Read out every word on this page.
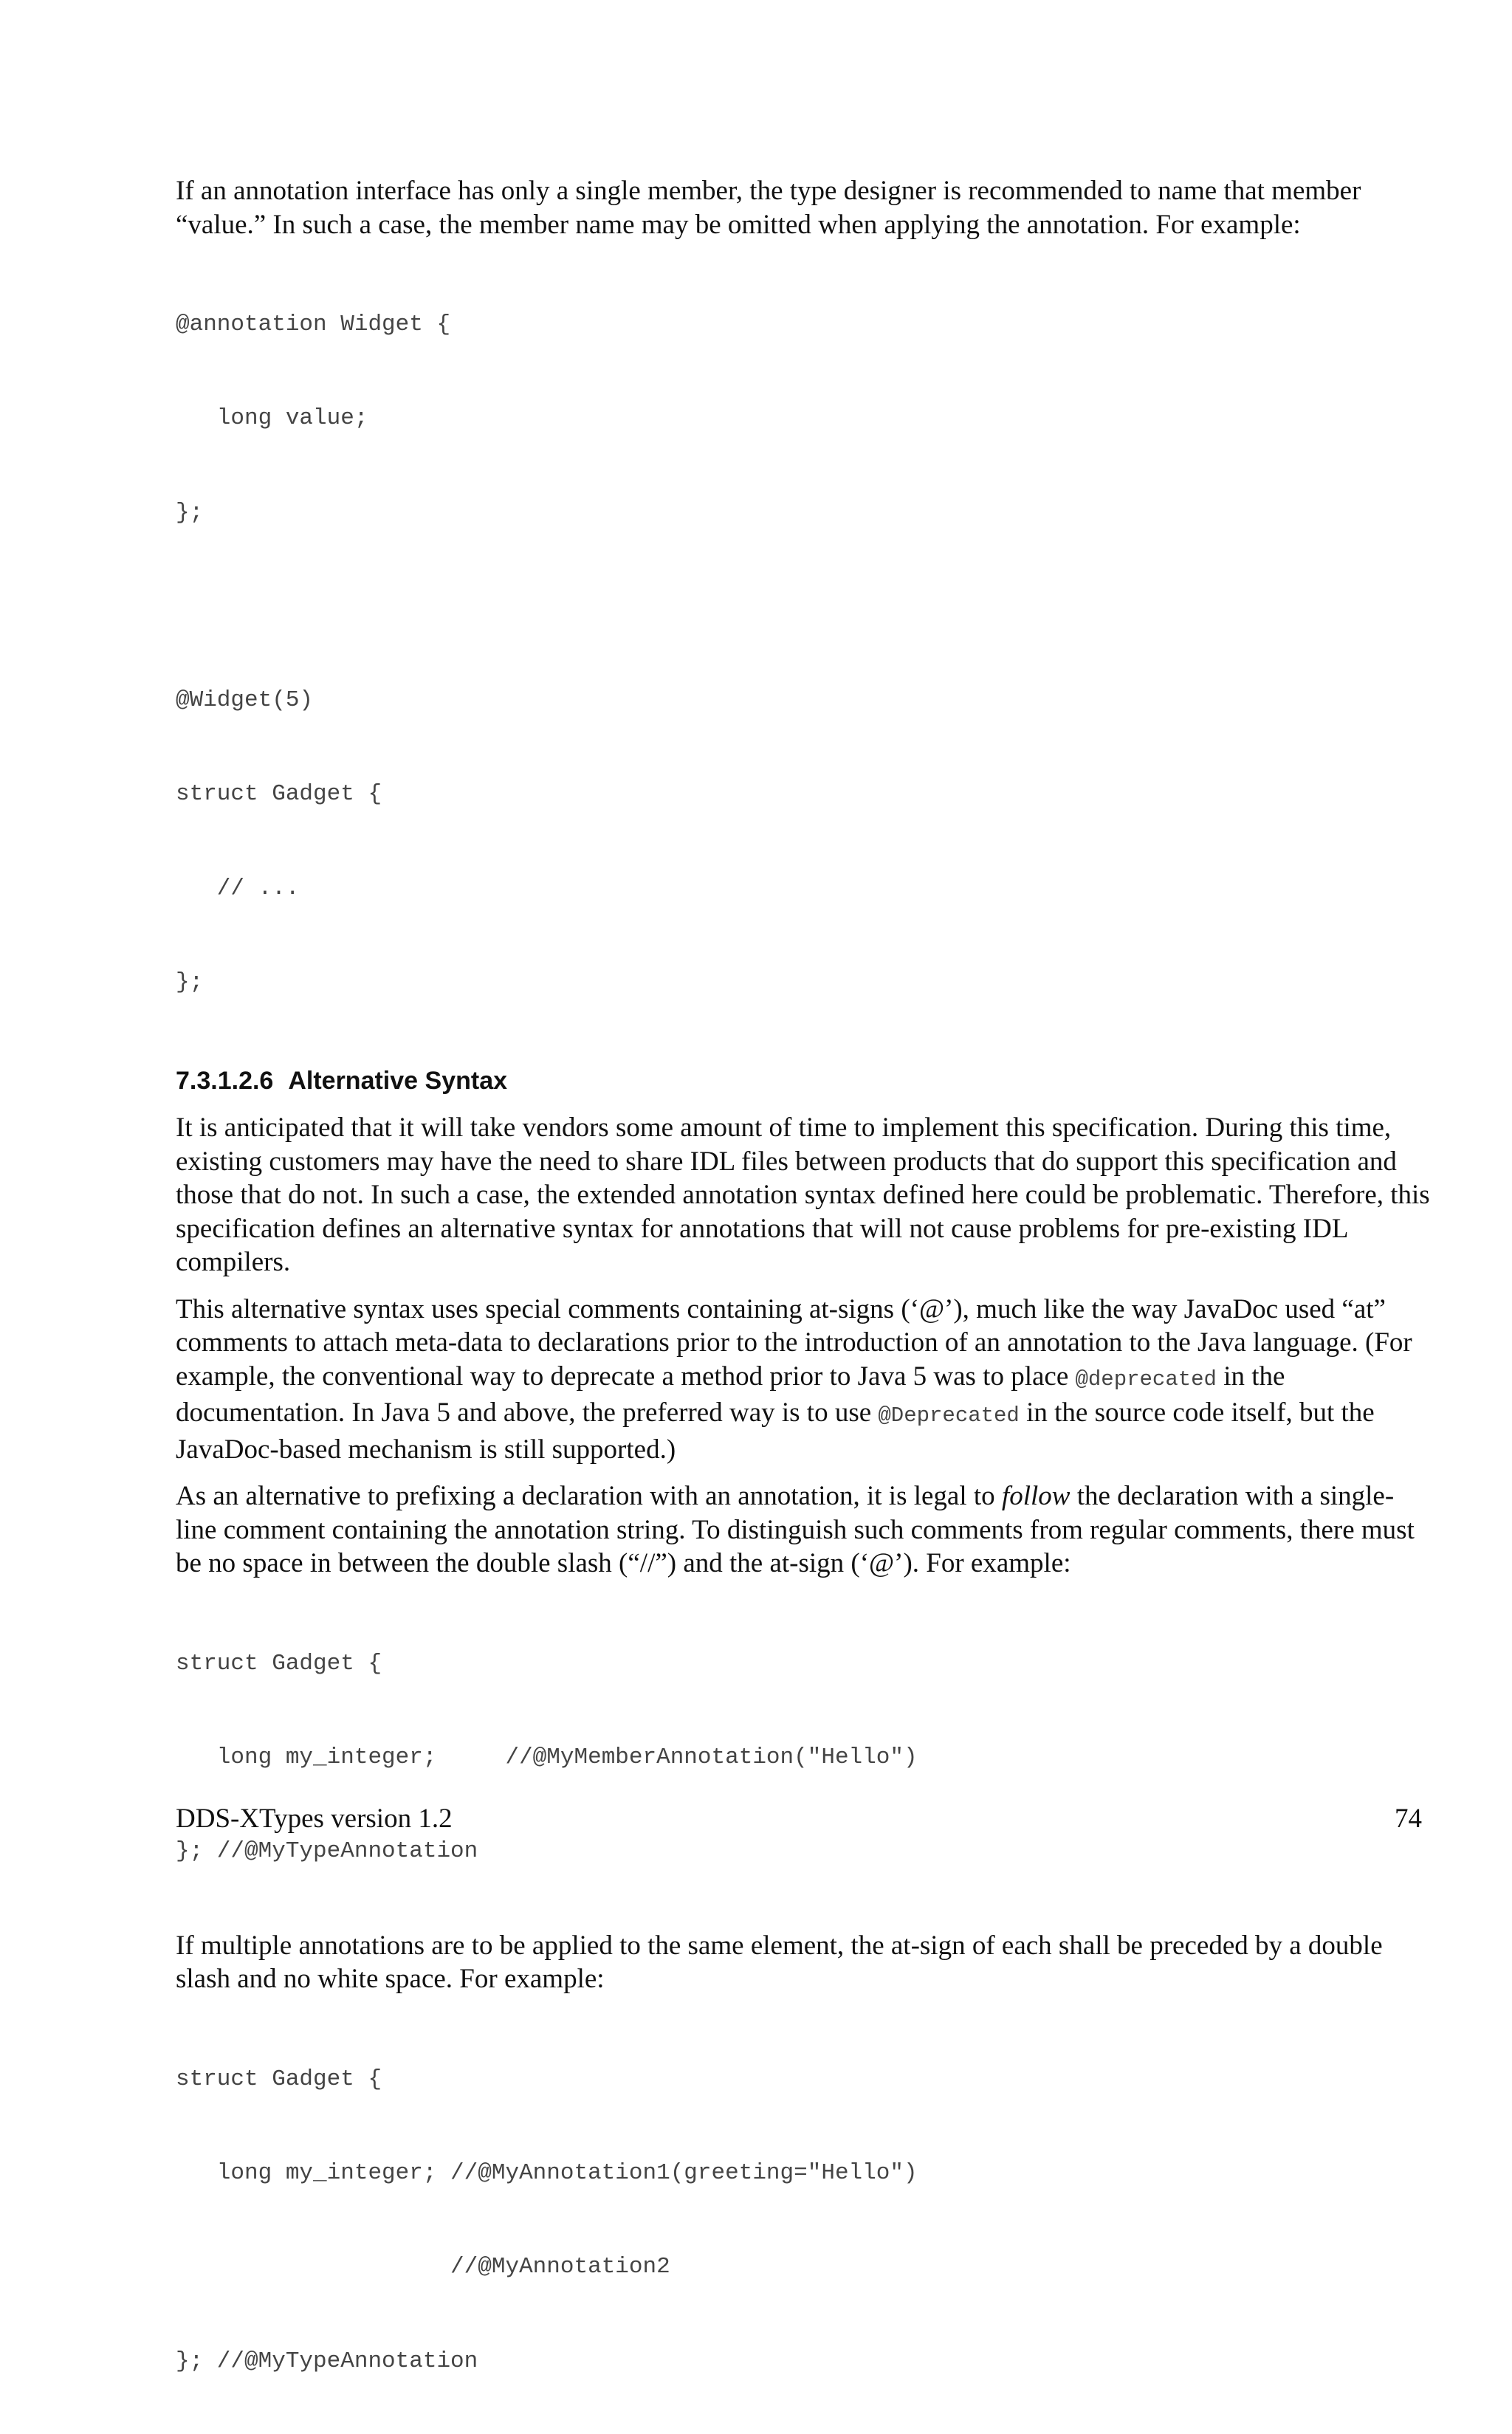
If an annotation interface has only a single member, the type designer is recommended to name that member “value.” In such a case, the member name may be omitted when applying the annotation. For example:

@annotation Widget {

long value;

};

@Widget(5)

struct Gadget {

// ...

};

7.3.1.2.6 Alternative Syntax

It is anticipated that it will take vendors some amount of time to implement this specification. During this time, existing customers may have the need to share IDL files between products that do support this specification and those that do not. In such a case, the extended annotation syntax defined here could be problematic. Therefore, this specification defines an alternative syntax for annotations that will not cause problems for pre-existing IDL compilers.

This alternative syntax uses special comments containing at-signs (‘@’), much like the way JavaDoc used “at” comments to attach meta-data to declarations prior to the introduction of an annotation to the Java language. (For example, the conventional way to deprecate a method prior to Java 5 was to place @deprecated in the documentation. In Java 5 and above, the preferred way is to use @Deprecated in the source code itself, but the JavaDoc-based mechanism is still supported.)

As an alternative to prefixing a declaration with an annotation, it is legal to follow the declaration with a single-line comment containing the annotation string. To distinguish such comments from regular comments, there must be no space in between the double slash (“//”) and the at-sign (‘@’). For example:

struct Gadget {

long my_integer;     //@MyMemberAnnotation("Hello")

}; //@MyTypeAnnotation

If multiple annotations are to be applied to the same element, the at-sign of each shall be preceded by a double slash and no white space. For example:

struct Gadget {

long my_integer; //@MyAnnotation1(greeting="Hello")

//@MyAnnotation2

}; //@MyTypeAnnotation

DDS-XTypes version 1.2	74
